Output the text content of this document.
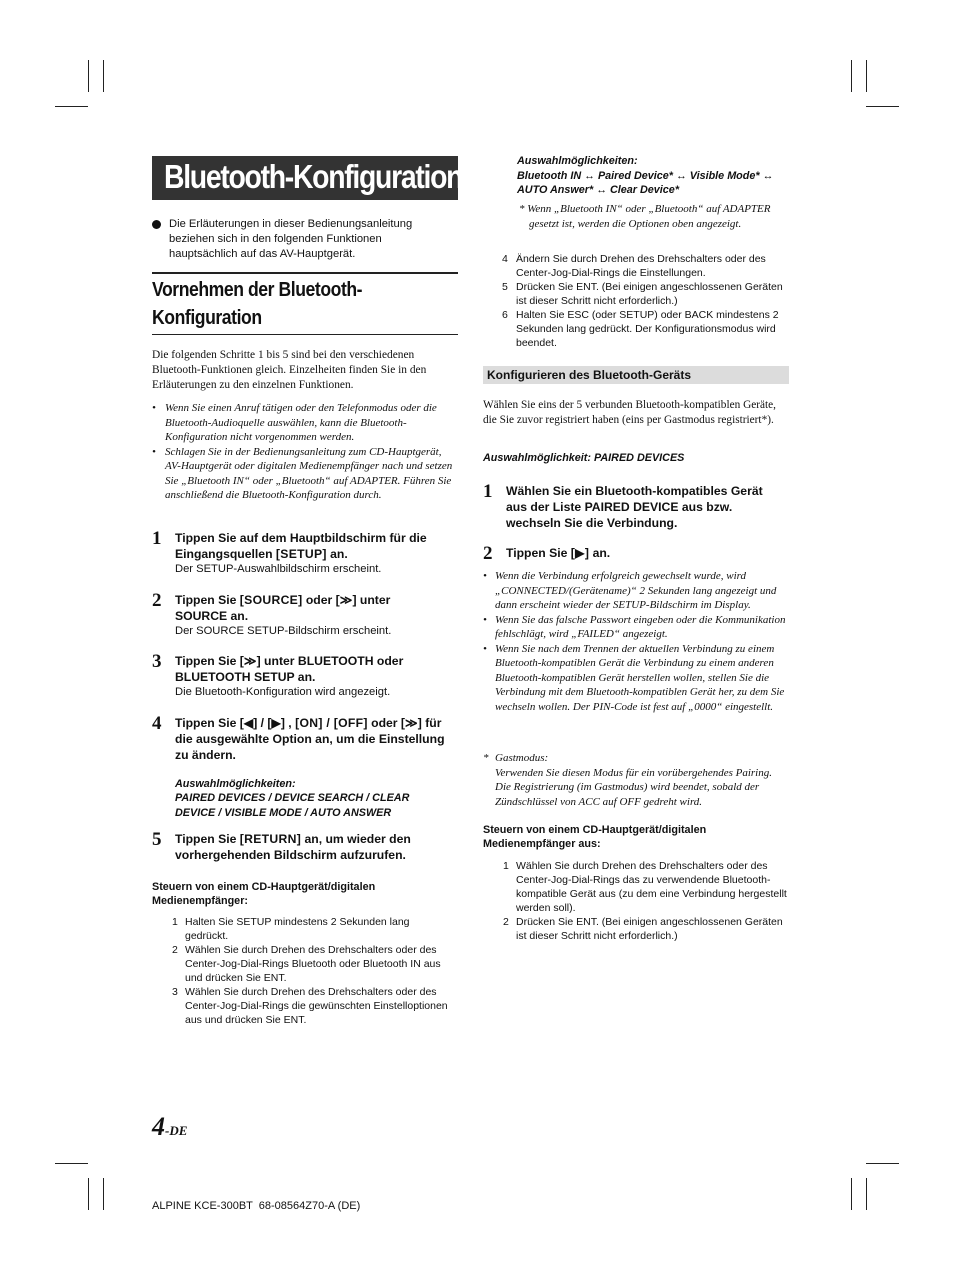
Bluetooth-Konfiguration
Die Erläuterungen in dieser Bedienungsanleitung beziehen sich in den folgenden Funktionen hauptsächlich auf das AV-Hauptgerät.
Vornehmen der Bluetooth-
Konfiguration
Die folgenden Schritte 1 bis 5 sind bei den verschiedenen Bluetooth-Funktionen gleich. Einzelheiten finden Sie in den Erläuterungen zu den einzelnen Funktionen.
• Wenn Sie einen Anruf tätigen oder den Telefonmodus oder die Bluetooth-Audioquelle auswählen, kann die Bluetooth-Konfiguration nicht vorgenommen werden.
• Schlagen Sie in der Bedienungsanleitung zum CD-Hauptgerät, AV-Hauptgerät oder digitalen Medienempfänger nach und setzen Sie „Bluetooth IN“ oder „Bluetooth“ auf ADAPTER. Führen Sie anschließend die Bluetooth-Konfiguration durch.
1 Tippen Sie auf dem Hauptbildschirm für die Eingangsquellen [SETUP] an.
Der SETUP-Auswahlbildschirm erscheint.
2 Tippen Sie [SOURCE] oder [≫] unter SOURCE an.
Der SOURCE SETUP-Bildschirm erscheint.
3 Tippen Sie [≫] unter BLUETOOTH oder BLUETOOTH SETUP an.
Die Bluetooth-Konfiguration wird angezeigt.
4 Tippen Sie [◀] / [▶] , [ON] / [OFF] oder [≫] für die ausgewählte Option an, um die Einstellung zu ändern.
Auswahlmöglichkeiten:
PAIRED DEVICES / DEVICE SEARCH / CLEAR DEVICE / VISIBLE MODE / AUTO ANSWER
5 Tippen Sie [RETURN] an, um wieder den vorhergehenden Bildschirm aufzurufen.
Steuern von einem CD-Hauptgerät/digitalen Medienempfänger:
1 Halten Sie SETUP mindestens 2 Sekunden lang gedrückt.
2 Wählen Sie durch Drehen des Drehschalters oder des Center-Jog-Dial-Rings Bluetooth oder Bluetooth IN aus und drücken Sie ENT.
3 Wählen Sie durch Drehen des Drehschalters oder des Center-Jog-Dial-Rings die gewünschten Einstelloptionen aus und drücken Sie ENT.
Auswahlmöglichkeiten:
Bluetooth IN ↔ Paired Device* ↔ Visible Mode* ↔
AUTO Answer* ↔ Clear Device*
* Wenn „Bluetooth IN“ oder „Bluetooth“ auf ADAPTER gesetzt ist, werden die Optionen oben angezeigt.
4 Ändern Sie durch Drehen des Drehschalters oder des Center-Jog-Dial-Rings die Einstellungen.
5 Drücken Sie ENT. (Bei einigen angeschlossenen Geräten ist dieser Schritt nicht erforderlich.)
6 Halten Sie ESC (oder SETUP) oder BACK mindestens 2 Sekunden lang gedrückt. Der Konfigurationsmodus wird beendet.
Konfigurieren des Bluetooth-Geräts
Wählen Sie eins der 5 verbunden Bluetooth-kompatiblen Geräte, die Sie zuvor registriert haben (eins per Gastmodus registriert*).
Auswahlmöglichkeit: PAIRED DEVICES
1 Wählen Sie ein Bluetooth-kompatibles Gerät aus der Liste PAIRED DEVICE aus bzw. wechseln Sie die Verbindung.
2 Tippen Sie [▶] an.
• Wenn die Verbindung erfolgreich gewechselt wurde, wird „CONNECTED/(Gerätename)“ 2 Sekunden lang angezeigt und dann erscheint wieder der SETUP-Bildschirm im Display.
• Wenn Sie das falsche Passwort eingeben oder die Kommunikation fehlschlägt, wird „FAILED“ angezeigt.
• Wenn Sie nach dem Trennen der aktuellen Verbindung zu einem Bluetooth-kompatiblen Gerät die Verbindung zu einem anderen Bluetooth-kompatiblen Gerät herstellen wollen, stellen Sie die Verbindung mit dem Bluetooth-kompatiblen Gerät her, zu dem Sie wechseln wollen. Der PIN-Code ist fest auf „0000“ eingestellt.
* Gastmodus:
Verwenden Sie diesen Modus für ein vorübergehendes Pairing. Die Registrierung (im Gastmodus) wird beendet, sobald der Zündschlüssel von ACC auf OFF gedreht wird.
Steuern von einem CD-Hauptgerät/digitalen Medienempfänger aus:
1 Wählen Sie durch Drehen des Drehschalters oder des Center-Jog-Dial-Rings das zu verwendende Bluetooth-kompatible Gerät aus (zu dem eine Verbindung hergestellt werden soll).
2 Drücken Sie ENT. (Bei einigen angeschlossenen Geräten ist dieser Schritt nicht erforderlich.)
4-DE
ALPINE KCE-300BT  68-08564Z70-A (DE)
